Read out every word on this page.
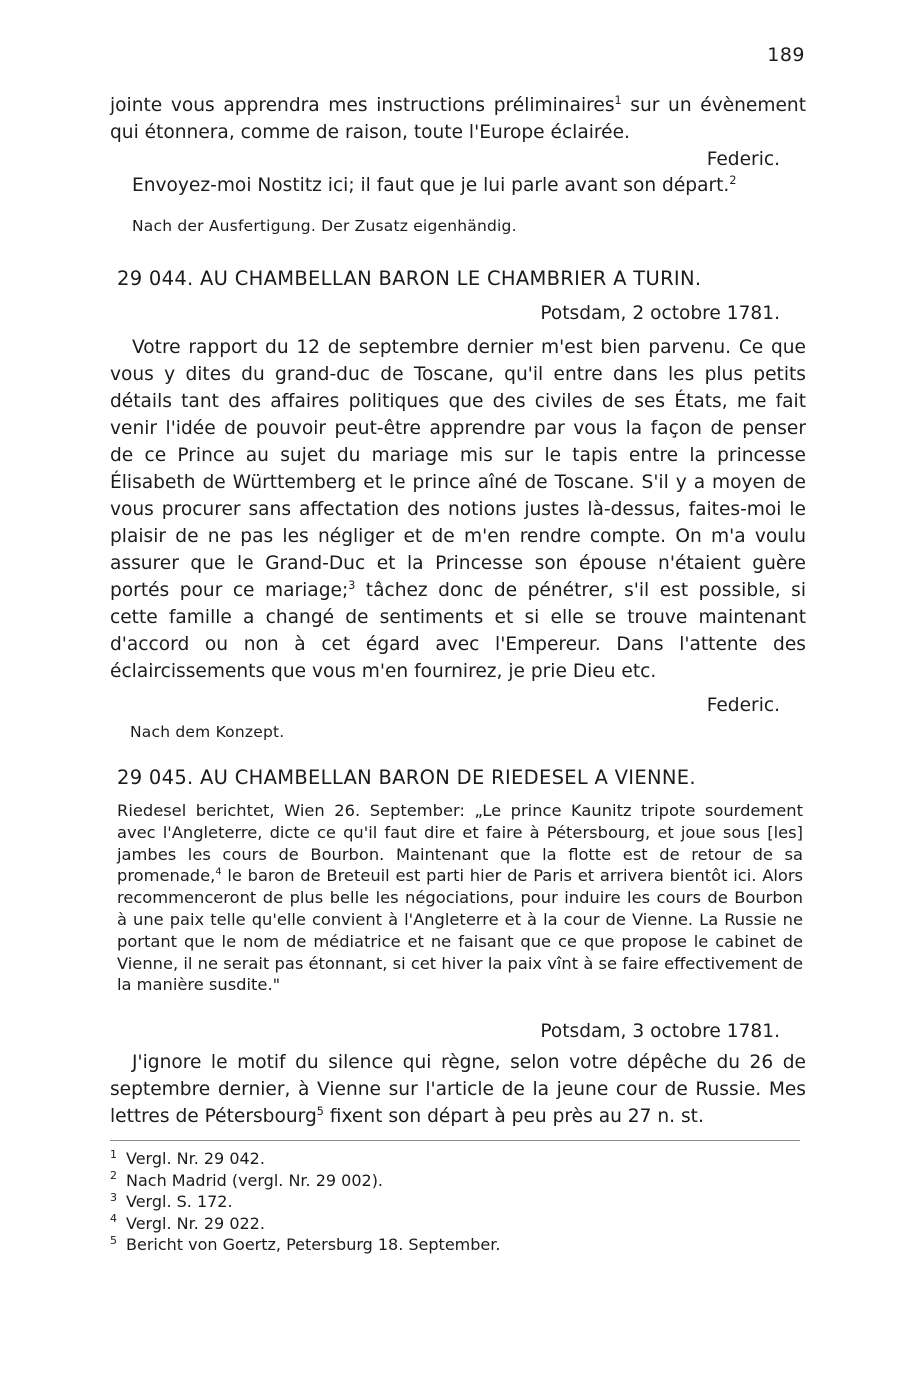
189

jointe vous apprendra mes instructions préliminaires$^1$ sur un évènement qui étonnera, comme de raison, toute l'Europe éclairée.

Federic.

Envoyez-moi Nostitz ici; il faut que je lui parle avant son départ.$^2$

Nach der Ausfertigung. Der Zusatz eigenhändig.
29 044. AU CHAMBELLAN BARON LE CHAMBRIER A TURIN.
Potsdam, 2 octobre 1781.

Votre rapport du 12 de septembre dernier m'est bien parvenu. Ce que vous y dites du grand-duc de Toscane, qu'il entre dans les plus petits détails tant des affaires politiques que des civiles de ses États, me fait venir l'idée de pouvoir peut-être apprendre par vous la façon de penser de ce Prince au sujet du mariage mis sur le tapis entre la princesse Élisabeth de Württemberg et le prince aîné de Toscane. S'il y a moyen de vous procurer sans affectation des notions justes là-dessus, faites-moi le plaisir de ne pas les négliger et de m'en rendre compte. On m'a voulu assurer que le Grand-Duc et la Princesse son épouse n'étaient guère portés pour ce mariage;$^3$ tâchez donc de pénétrer, s'il est possible, si cette famille a changé de sentiments et si elle se trouve maintenant d'accord ou non à cet égard avec l'Empereur. Dans l'attente des éclaircissements que vous m'en fournirez, je prie Dieu etc.

Federic.
Nach dem Konzept.
29 045. AU CHAMBELLAN BARON DE RIEDESEL A VIENNE.

Riedesel berichtet, Wien 26. September: „Le prince Kaunitz tripote sourdement avec l'Angleterre, dicte ce qu'il faut dire et faire à Pétersbourg, et joue sous [les] jambes les cours de Bourbon. Maintenant que la flotte est de retour de sa promenade,$^4$ le baron de Breteuil est parti hier de Paris et arrivera bientôt ici. Alors recommenceront de plus belle les négociations, pour induire les cours de Bourbon à une paix telle qu'elle convient à l'Angleterre et à la cour de Vienne. La Russie ne portant que le nom de médiatrice et ne faisant que ce que propose le cabinet de Vienne, il ne serait pas étonnant, si cet hiver la paix vînt à se faire effectivement de la manière susdite."

Potsdam, 3 octobre 1781.

J'ignore le motif du silence qui règne, selon votre dépêche du 26 de septembre dernier, à Vienne sur l'article de la jeune cour de Russie. Mes lettres de Pétersbourg$^5$ fixent son départ à peu près au 27 n. st.

1 Vergl. Nr. 29 042.
2 Nach Madrid (vergl. Nr. 29 002).
3 Vergl. S. 172.
4 Vergl. Nr. 29 022.
5 Bericht von Goertz, Petersburg 18. September.
